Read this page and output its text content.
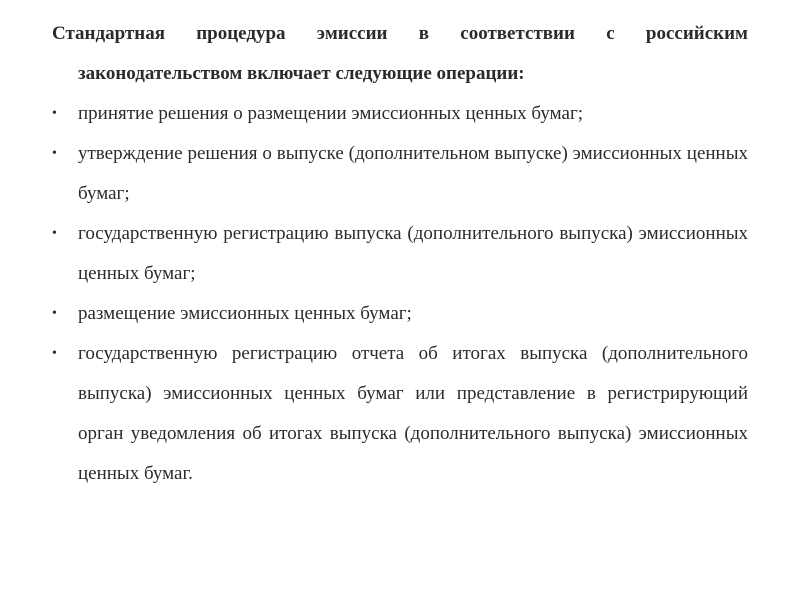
Стандартная процедура эмиссии в соответствии с российским законодательством включает следующие операции:

• принятие решения о размещении эмиссионных ценных бумаг;
• утверждение решения о выпуске (дополнительном выпуске) эмиссионных ценных бумаг;
• государственную регистрацию выпуска (дополнительного выпуска) эмиссионных ценных бумаг;
• размещение эмиссионных ценных бумаг;
• государственную регистрацию отчета об итогах выпуска (дополнительного выпуска) эмиссионных ценных бумаг или представление в регистрирующий орган уведомления об итогах выпуска (дополнительного выпуска) эмиссионных ценных бумаг.
